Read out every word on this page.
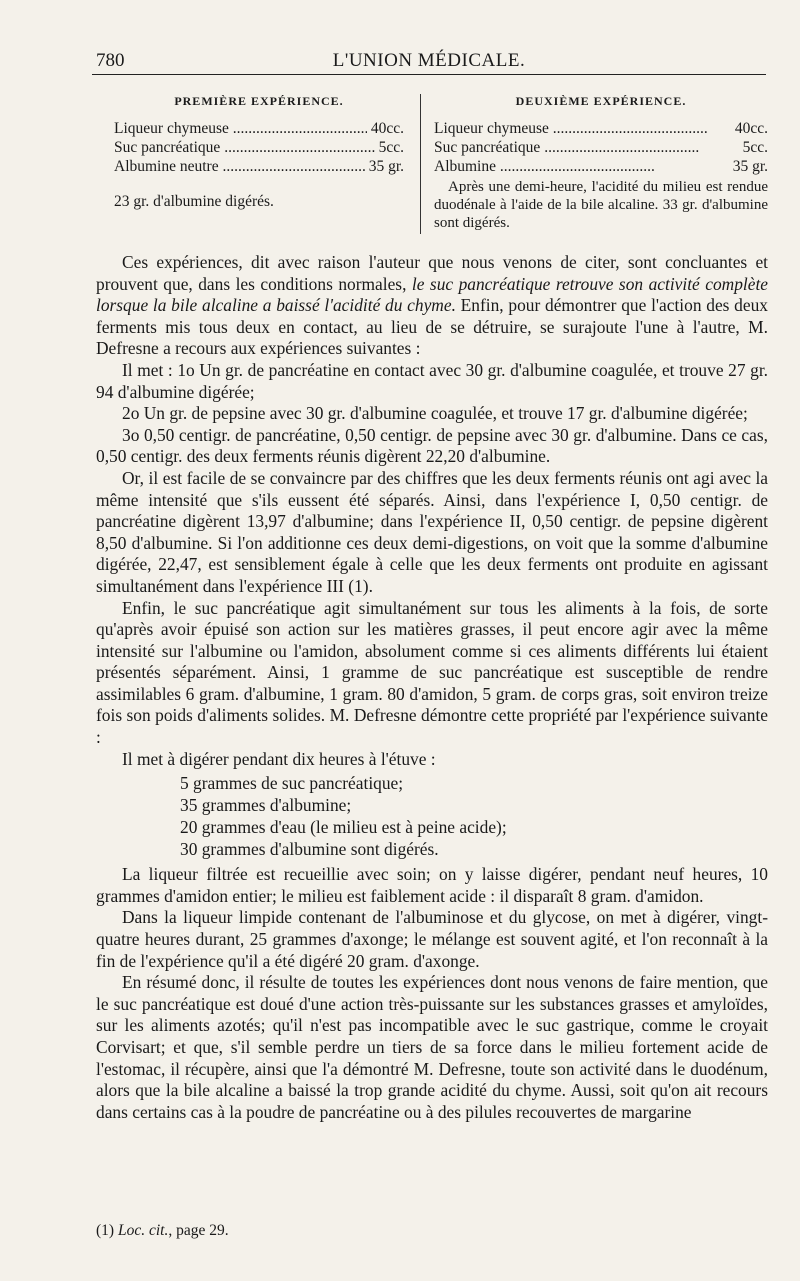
780	L'UNION MÉDICALE.
PREMIÈRE EXPÉRIENCE.
Liqueur chymeuse .....	40cc.
Suc pancréatique .....	5cc.
Albumine neutre .....	35 gr.
23 gr. d'albumine digérés.
DEUXIÈME EXPÉRIENCE.
Liqueur chymeuse .....	40cc.
Suc pancréatique .....	5cc.
Albumine .....	35 gr.
Après une demi-heure, l'acidité du milieu est rendue duodénale à l'aide de la bile alcaline. 33 gr. d'albumine sont digérés.

Ces expériences, dit avec raison l'auteur que nous venons de citer, sont concluantes et prouvent que, dans les conditions normales, le suc pancréatique retrouve son activité complète lorsque la bile alcaline a baissé l'acidité du chyme. Enfin, pour démontrer que l'action des deux ferments mis tous deux en contact, au lieu de se détruire, se surajoute l'une à l'autre, M. Defresne a recours aux expériences suivantes :

Il met : 1o Un gr. de pancréatine en contact avec 30 gr. d'albumine coagulée, et trouve 27 gr. 94 d'albumine digérée;

2o Un gr. de pepsine avec 30 gr. d'albumine coagulée, et trouve 17 gr. d'albumine digérée;

3o 0,50 centigr. de pancréatine, 0,50 centigr. de pepsine avec 30 gr. d'albumine. Dans ce cas, 0,50 centigr. des deux ferments réunis digèrent 22,20 d'albumine.

Or, il est facile de se convaincre par des chiffres que les deux ferments réunis ont agi avec la même intensité que s'ils eussent été séparés. Ainsi, dans l'expérience I, 0,50 centigr. de pancréatine digèrent 13,97 d'albumine; dans l'expérience II, 0,50 centigr. de pepsine digèrent 8,50 d'albumine. Si l'on additionne ces deux demi-digestions, on voit que la somme d'albumine digérée, 22,47, est sensiblement égale à celle que les deux ferments ont produite en agissant simultanément dans l'expérience III (1).

Enfin, le suc pancréatique agit simultanément sur tous les aliments à la fois, de sorte qu'après avoir épuisé son action sur les matières grasses, il peut encore agir avec la même intensité sur l'albumine ou l'amidon, absolument comme si ces aliments différents lui étaient présentés séparément. Ainsi, 1 gramme de suc pancréatique est susceptible de rendre assimilables 6 gram. d'albumine, 1 gram. 80 d'amidon, 5 gram. de corps gras, soit environ treize fois son poids d'aliments solides. M. Defresne démontre cette propriété par l'expérience suivante :

Il met à digérer pendant dix heures à l'étuve :

5 grammes de suc pancréatique;
35 grammes d'albumine;
20 grammes d'eau (le milieu est à peine acide);
30 grammes d'albumine sont digérés.

La liqueur filtrée est recueillie avec soin; on y laisse digérer, pendant neuf heures, 10 grammes d'amidon entier; le milieu est faiblement acide : il disparaît 8 gram. d'amidon.

Dans la liqueur limpide contenant de l'albuminose et du glycose, on met à digérer, vingt-quatre heures durant, 25 grammes d'axonge; le mélange est souvent agité, et l'on reconnaît à la fin de l'expérience qu'il a été digéré 20 gram. d'axonge.

En résumé donc, il résulte de toutes les expériences dont nous venons de faire mention, que le suc pancréatique est doué d'une action très-puissante sur les substances grasses et amyloïdes, sur les aliments azotés; qu'il n'est pas incompatible avec le suc gastrique, comme le croyait Corvisart; et que, s'il semble perdre un tiers de sa force dans le milieu fortement acide de l'estomac, il récupère, ainsi que l'a démontré M. Defresne, toute son activité dans le duodénum, alors que la bile alcaline a baissé la trop grande acidité du chyme. Aussi, soit qu'on ait recours dans certains cas à la poudre de pancréatine ou à des pilules recouvertes de margarine

(1) Loc. cit., page 29.
